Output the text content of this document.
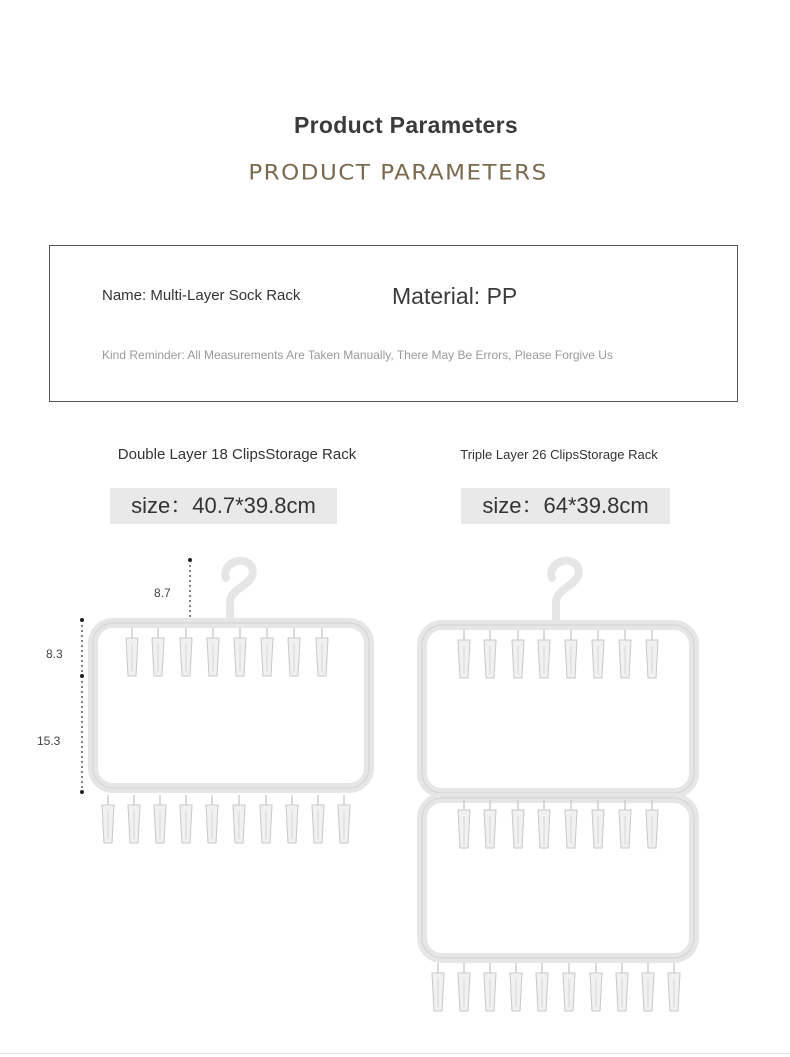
Product Parameters
PRODUCT PARAMETERS
Name: Multi-Layer Sock Rack	Material: PP
Kind Reminder: All Measurements Are Taken Manually, There May Be Errors, Please Forgive Us
Double Layer 18 ClipsStorage Rack	Triple Layer 26 ClipsStorage Rack
size：40.7*39.8cm	size：64*39.8cm
8.7
8.3
15.3
